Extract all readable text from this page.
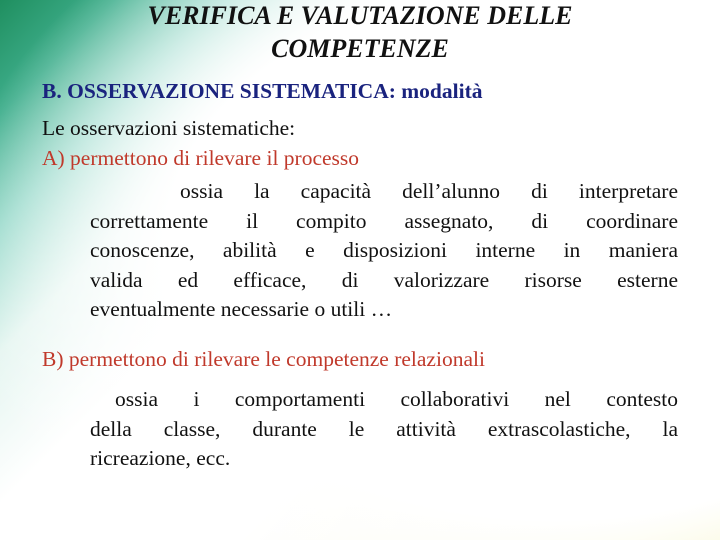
VERIFICA E VALUTAZIONE DELLE
COMPETENZE
B. OSSERVAZIONE SISTEMATICA: modalità
Le osservazioni sistematiche:
A) permettono di rilevare il processo
ossia la capacità dell’alunno di interpretare
correttamente il compito assegnato, di coordinare
conoscenze, abilità e disposizioni interne in maniera
valida ed efficace, di valorizzare risorse esterne
eventualmente necessarie o utili …
B) permettono di rilevare le competenze relazionali
ossia i comportamenti collaborativi nel contesto
della classe, durante le attività extrascolastiche, la
ricreazione, ecc.
